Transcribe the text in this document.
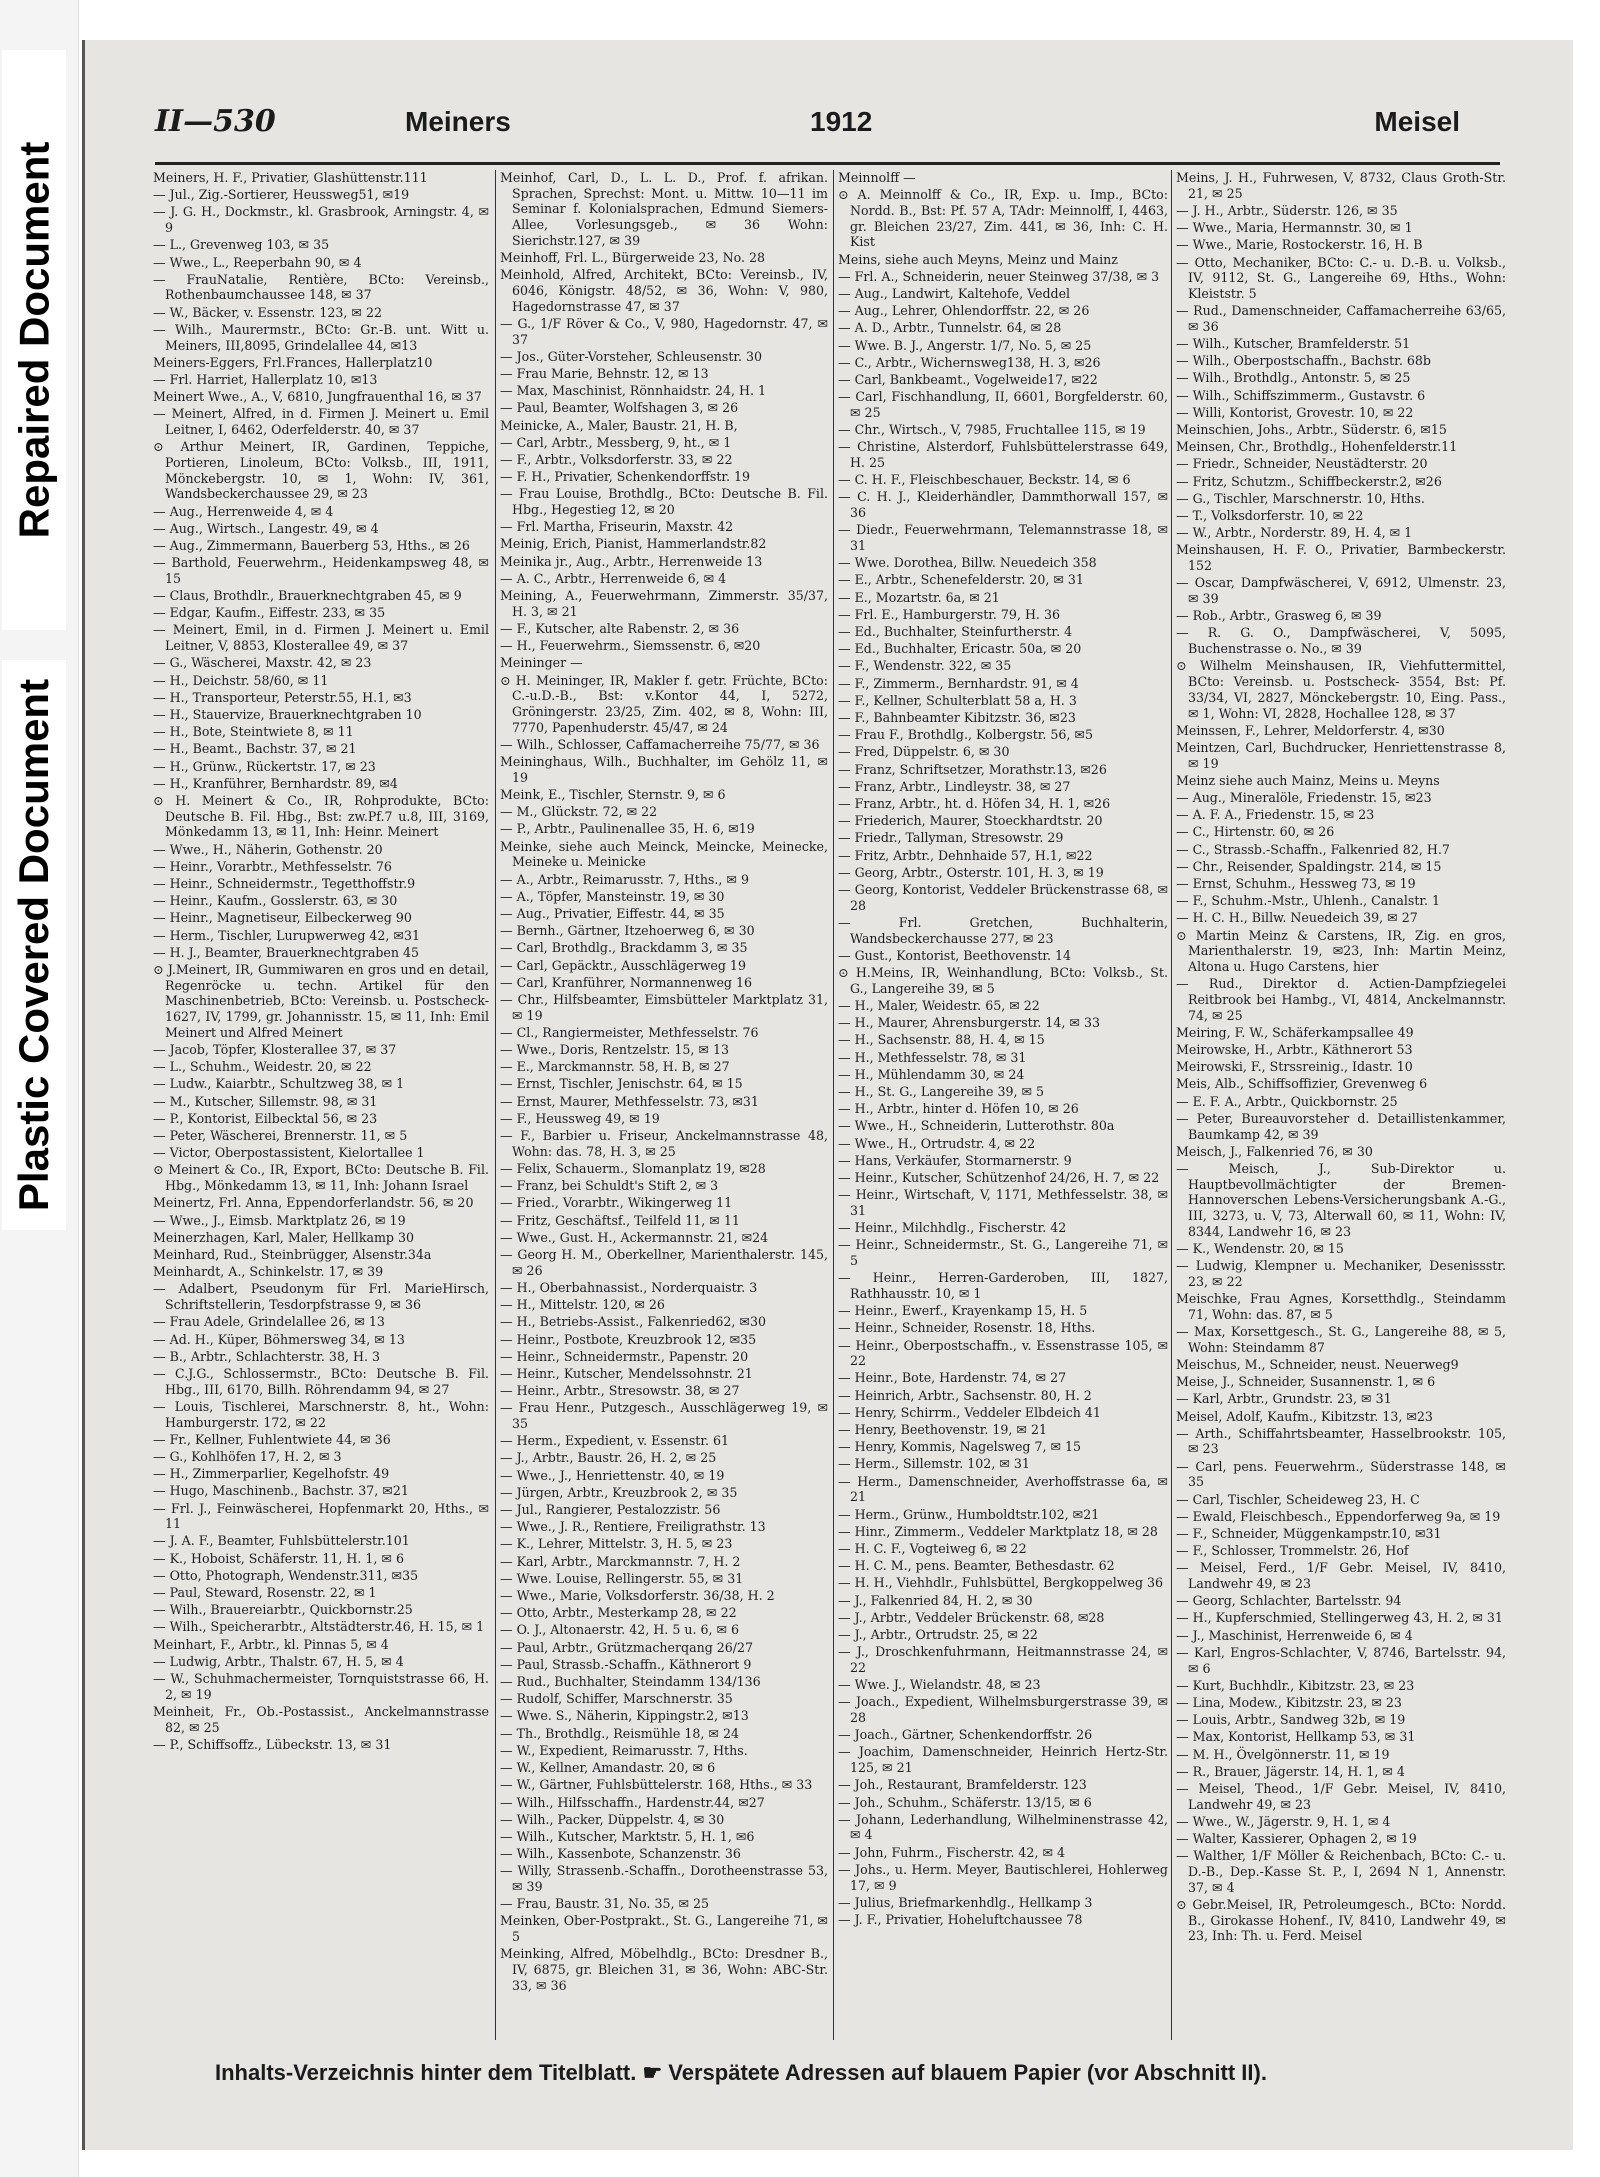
Repaired Document
Plastic Covered Document
II—530	Meiners	1912	Meisel

Meiners, H. F., Privatier, Glashüttenstr.111

— Jul., Zig.-Sortierer, Heussweg51, ✉19

— J. G. H., Dockmstr., kl. Grasbrook, Arningstr. 4, ✉ 9

— L., Grevenweg 103, ✉ 35

— Wwe., L., Reeperbahn 90, ✉ 4

— FrauNatalie, Rentière, BCto: Vereinsb., Rothenbaumchaussee 148, ✉ 37

— W., Bäcker, v. Essenstr. 123, ✉ 22

— Wilh., Maurermstr., BCto: Gr.-B. unt. Witt u. Meiners, III,8095, Grindelallee 44, ✉13

Meiners-Eggers, Frl.Frances, Hallerplatz10

— Frl. Harriet, Hallerplatz 10, ✉13

Meinert Wwe., A., V, 6810, Jungfrauenthal 16, ✉ 37

— Meinert, Alfred, in d. Firmen J. Meinert u. Emil Leitner, I, 6462, Oderfelderstr. 40, ✉ 37

⊙ Arthur Meinert, IR, Gardinen, Teppiche, Portieren, Linoleum, BCto: Volksb., III, 1911, Mönckebergstr. 10, ✉ 1, Wohn: IV, 361, Wandsbeckerchaussee 29, ✉ 23

— Aug., Herrenweide 4, ✉ 4

— Aug., Wirtsch., Langestr. 49, ✉ 4

— Aug., Zimmermann, Bauerberg 53, Hths., ✉ 26

— Barthold, Feuerwehrm., Heidenkampsweg 48, ✉ 15

— Claus, Brothdlr., Brauerknechtgraben 45, ✉ 9

— Edgar, Kaufm., Eiffestr. 233, ✉ 35

— Meinert, Emil, in d. Firmen J. Meinert u. Emil Leitner, V, 8853, Klosterallee 49, ✉ 37

— G., Wäscherei, Maxstr. 42, ✉ 23

— H., Deichstr. 58/60, ✉ 11

— H., Transporteur, Peterstr.55, H.1, ✉3

— H., Stauervize, Brauerknechtgraben 10

— H., Bote, Steintwiete 8, ✉ 11

— H., Beamt., Bachstr. 37, ✉ 21

— H., Grünw., Rückertstr. 17, ✉ 23

— H., Kranführer, Bernhardstr. 89, ✉4

⊙ H. Meinert & Co., IR, Rohprodukte, BCto: Deutsche B. Fil. Hbg., Bst: zw.Pf.7 u.8, III, 3169, Mönkedamm 13, ✉ 11, Inh: Heinr. Meinert

— Wwe., H., Näherin, Gothenstr. 20

— Heinr., Vorarbtr., Methfesselstr. 76

— Heinr., Schneidermstr., Tegetthoffstr.9

— Heinr., Kaufm., Gosslerstr. 63, ✉ 30

— Heinr., Magnetiseur, Eilbeckerweg 90

— Herm., Tischler, Lurupwerweg 42, ✉31

— H. J., Beamter, Brauerknechtgraben 45

⊙ J.Meinert, IR, Gummiwaren en gros und en detail, Regenröcke u. techn. Artikel für den Maschinenbetrieb, BCto: Vereinsb. u. Postscheck- 1627, IV, 1799, gr. Johannisstr. 15, ✉ 11, Inh: Emil Meinert und Alfred Meinert

— Jacob, Töpfer, Klosterallee 37, ✉ 37

— L., Schuhm., Weidestr. 20, ✉ 22

— Ludw., Kaiarbtr., Schultzweg 38, ✉ 1

— M., Kutscher, Sillemstr. 98, ✉ 31

— P., Kontorist, Eilbecktal 56, ✉ 23

— Peter, Wäscherei, Brennerstr. 11, ✉ 5

— Victor, Oberpostassistent, Kielortallee 1

⊙ Meinert & Co., IR, Export, BCto: Deutsche B. Fil. Hbg., Mönkedamm 13, ✉ 11, Inh: Johann Israel

Meinertz, Frl. Anna, Eppendorferlandstr. 56, ✉ 20

— Wwe., J., Eimsb. Marktplatz 26, ✉ 19

Meinerzhagen, Karl, Maler, Hellkamp 30

Meinhard, Rud., Steinbrügger, Alsenstr.34a

Meinhardt, A., Schinkelstr. 17, ✉ 39

— Adalbert, Pseudonym für Frl. MarieHirsch, Schriftstellerin, Tesdorpfstrasse 9, ✉ 36

— Frau Adele, Grindelallee 26, ✉ 13

— Ad. H., Küper, Böhmersweg 34, ✉ 13

— B., Arbtr., Schlachterstr. 38, H. 3

— C.J.G., Schlossermstr., BCto: Deutsche B. Fil. Hbg., III, 6170, Billh. Röhrendamm 94, ✉ 27

— Louis, Tischlerei, Marschnerstr. 8, ht., Wohn: Hamburgerstr. 172, ✉ 22

— Fr., Kellner, Fuhlentwiete 44, ✉ 36

— G., Kohlhöfen 17, H. 2, ✉ 3

— H., Zimmerparlier, Kegelhofstr. 49

— Hugo, Maschinenb., Bachstr. 37, ✉21

— Frl. J., Feinwäscherei, Hopfenmarkt 20, Hths., ✉ 11

— J. A. F., Beamter, Fuhlsbüttelerstr.101

— K., Hoboist, Schäferstr. 11, H. 1, ✉ 6

— Otto, Photograph, Wendenstr.311, ✉35

— Paul, Steward, Rosenstr. 22, ✉ 1

— Wilh., Brauereiarbtr., Quickbornstr.25

— Wilh., Speicherarbtr., Altstädterstr.46, H. 15, ✉ 1

Meinhart, F., Arbtr., kl. Pinnas 5, ✉ 4

— Ludwig, Arbtr., Thalstr. 67, H. 5, ✉ 4

— W., Schuhmachermeister, Tornquiststrasse 66, H. 2, ✉ 19

Meinheit, Fr., Ob.-Postassist., Anckelmannstrasse 82, ✉ 25

— P., Schiffsoffz., Lübeckstr. 13, ✉ 31

Meinhof, Carl, D., L. L. D., Prof. f. afrikan. Sprachen, Sprechst: Mont. u. Mittw. 10—11 im Seminar f. Kolonialsprachen, Edmund Siemers-Allee, Vorlesungsgeb., ✉ 36 Wohn: Sierichstr.127, ✉ 39

Meinhoff, Frl. L., Bürgerweide 23, No. 28

Meinhold, Alfred, Architekt, BCto: Vereinsb., IV, 6046, Königstr. 48/52, ✉ 36, Wohn: V, 980, Hagedornstrasse 47, ✉ 37

— G., 1/F Röver & Co., V, 980, Hagedornstr. 47, ✉ 37

— Jos., Güter-Vorsteher, Schleusenstr. 30

— Frau Marie, Behnstr. 12, ✉ 13

— Max, Maschinist, Rönnhaidstr. 24, H. 1

— Paul, Beamter, Wolfshagen 3, ✉ 26

Meinicke, A., Maler, Baustr. 21, H. B,

— Carl, Arbtr., Messberg, 9, ht., ✉ 1

— F., Arbtr., Volksdorferstr. 33, ✉ 22

— F. H., Privatier, Schenkendorffstr. 19

— Frau Louise, Brothdlg., BCto: Deutsche B. Fil. Hbg., Hegestieg 12, ✉ 20

— Frl. Martha, Friseurin, Maxstr. 42

Meinig, Erich, Pianist, Hammerlandstr.82

Meinika jr., Aug., Arbtr., Herrenweide 13

— A. C., Arbtr., Herrenweide 6, ✉ 4

Meining, A., Feuerwehrmann, Zimmerstr. 35/37, H. 3, ✉ 21

— F., Kutscher, alte Rabenstr. 2, ✉ 36

— H., Feuerwehrm., Siemssenstr. 6, ✉20

Meininger —

⊙ H. Meininger, IR, Makler f. getr. Früchte, BCto: C.-u.D.-B., Bst: v.Kontor 44, I, 5272, Gröningerstr. 23/25, Zim. 402, ✉ 8, Wohn: III, 7770, Papenhuderstr. 45/47, ✉ 24

— Wilh., Schlosser, Caffamacherreihe 75/77, ✉ 36

Meininghaus, Wilh., Buchhalter, im Gehölz 11, ✉ 19

Meink, E., Tischler, Sternstr. 9, ✉ 6

— M., Glückstr. 72, ✉ 22

— P., Arbtr., Paulinenallee 35, H. 6, ✉19

Meinke, siehe auch Meinck, Meincke, Meinecke, Meineke u. Meinicke

— A., Arbtr., Reimarusstr. 7, Hths., ✉ 9

— A., Töpfer, Mansteinstr. 19, ✉ 30

— Aug., Privatier, Eiffestr. 44, ✉ 35

— Bernh., Gärtner, Itzehoerweg 6, ✉ 30

— Carl, Brothdlg., Brackdamm 3, ✉ 35

— Carl, Gepäcktr., Ausschlägerweg 19

— Carl, Kranführer, Normannenweg 16

— Chr., Hilfsbeamter, Eimsbütteler Marktplatz 31, ✉ 19

— Cl., Rangiermeister, Methfesselstr. 76

— Wwe., Doris, Rentzelstr. 15, ✉ 13

— E., Marckmannstr. 58, H. B, ✉ 27

— Ernst, Tischler, Jenischstr. 64, ✉ 15

— Ernst, Maurer, Methfesselstr. 73, ✉31

— F., Heussweg 49, ✉ 19

— F., Barbier u. Friseur, Anckelmannstrasse 48, Wohn: das. 78, H. 3, ✉ 25

— Felix, Schauerm., Slomanplatz 19, ✉28

— Franz, bei Schuldt's Stift 2, ✉ 3

— Fried., Vorarbtr., Wikingerweg 11

— Fritz, Geschäftsf., Teilfeld 11, ✉ 11

— Wwe., Gust. H., Ackermannstr. 21, ✉24

— Georg H. M., Oberkellner, Marienthalerstr. 145, ✉ 26

— H., Oberbahnassist., Norderquaistr. 3

— H., Mittelstr. 120, ✉ 26

— H., Betriebs-Assist., Falkenried62, ✉30

— Heinr., Postbote, Kreuzbrook 12, ✉35

— Heinr., Schneidermstr., Papenstr. 20

— Heinr., Kutscher, Mendelssohnstr. 21

— Heinr., Arbtr., Stresowstr. 38, ✉ 27

— Frau Henr., Putzgesch., Ausschlägerweg 19, ✉ 35

— Herm., Expedient, v. Essenstr. 61

— J., Arbtr., Baustr. 26, H. 2, ✉ 25

— Wwe., J., Henriettenstr. 40, ✉ 19

— Jürgen, Arbtr., Kreuzbrook 2, ✉ 35

— Jul., Rangierer, Pestalozzistr. 56

— Wwe., J. R., Rentiere, Freiligrathstr. 13

— K., Lehrer, Mittelstr. 3, H. 5, ✉ 23

— Karl, Arbtr., Marckmannstr. 7, H. 2

— Wwe. Louise, Rellingerstr. 55, ✉ 31

— Wwe., Marie, Volksdorferstr. 36/38, H. 2

— Otto, Arbtr., Mesterkamp 28, ✉ 22

— O. J., Altonaerstr. 42, H. 5 u. 6, ✉ 6

— Paul, Arbtr., Grützmacherqang 26/27

— Paul, Strassb.-Schaffn., Käthnerort 9

— Rud., Buchhalter, Steindamm 134/136

— Rudolf, Schiffer, Marschnerstr. 35

— Wwe. S., Näherin, Kippingstr.2, ✉13

— Th., Brothdlg., Reismühle 18, ✉ 24

— W., Expedient, Reimarusstr. 7, Hths.

— W., Kellner, Amandastr. 20, ✉ 6

— W., Gärtner, Fuhlsbüttelerstr. 168, Hths., ✉ 33

— Wilh., Hilfsschaffn., Hardenstr.44, ✉27

— Wilh., Packer, Düppelstr. 4, ✉ 30

— Wilh., Kutscher, Marktstr. 5, H. 1, ✉6

— Wilh., Kassenbote, Schanzenstr. 36

— Willy, Strassenb.-Schaffn., Dorotheenstrasse 53, ✉ 39

— Frau, Baustr. 31, No. 35, ✉ 25

Meinken, Ober-Postprakt., St. G., Langereihe 71, ✉ 5

Meinking, Alfred, Möbelhdlg., BCto: Dresdner B., IV, 6875, gr. Bleichen 31, ✉ 36, Wohn: ABC-Str. 33, ✉ 36

Meinnolff —

⊙ A. Meinnolff & Co., IR, Exp. u. Imp., BCto: Nordd. B., Bst: Pf. 57 A, TAdr: Meinnolff, I, 4463, gr. Bleichen 23/27, Zim. 441, ✉ 36, Inh: C. H. Kist

Meins, siehe auch Meyns, Meinz und Mainz

— Frl. A., Schneiderin, neuer Steinweg 37/38, ✉ 3

— Aug., Landwirt, Kaltehofe, Veddel

— Aug., Lehrer, Ohlendorffstr. 22, ✉ 26

— A. D., Arbtr., Tunnelstr. 64, ✉ 28

— Wwe. B. J., Angerstr. 1/7, No. 5, ✉ 25

— C., Arbtr., Wichernsweg138, H. 3, ✉26

— Carl, Bankbeamt., Vogelweide17, ✉22

— Carl, Fischhandlung, II, 6601, Borgfelderstr. 60, ✉ 25

— Chr., Wirtsch., V, 7985, Fruchtallee 115, ✉ 19

— Christine, Alsterdorf, Fuhlsbüttelerstrasse 649, H. 25

— C. H. F., Fleischbeschauer, Beckstr. 14, ✉ 6

— C. H. J., Kleiderhändler, Dammthorwall 157, ✉ 36

— Diedr., Feuerwehrmann, Telemannstrasse 18, ✉ 31

— Wwe. Dorothea, Billw. Neuedeich 358

— E., Arbtr., Schenefelderstr. 20, ✉ 31

— E., Mozartstr. 6a, ✉ 21

— Frl. E., Hamburgerstr. 79, H. 36

— Ed., Buchhalter, Steinfurtherstr. 4

— Ed., Buchhalter, Ericastr. 50a, ✉ 20

— F., Wendenstr. 322, ✉ 35

— F., Zimmerm., Bernhardstr. 91, ✉ 4

— F., Kellner, Schulterblatt 58 a, H. 3

— F., Bahnbeamter Kibitzstr. 36, ✉23

— Frau F., Brothdlg., Kolbergstr. 56, ✉5

— Fred, Düppelstr. 6, ✉ 30

— Franz, Schriftsetzer, Morathstr.13, ✉26

— Franz, Arbtr., Lindleystr. 38, ✉ 27

— Franz, Arbtr., ht. d. Höfen 34, H. 1, ✉26

— Friederich, Maurer, Stoeckhardtstr. 20

— Friedr., Tallyman, Stresowstr. 29

— Fritz, Arbtr., Dehnhaide 57, H.1, ✉22

— Georg, Arbtr., Osterstr. 101, H. 3, ✉ 19

— Georg, Kontorist, Veddeler Brückenstrasse 68, ✉ 28

— Frl. Gretchen, Buchhalterin, Wandsbeckerchausse 277, ✉ 23

— Gust., Kontorist, Beethovenstr. 14

⊙ H.Meins, IR, Weinhandlung, BCto: Volksb., St. G., Langereihe 39, ✉ 5

— H., Maler, Weidestr. 65, ✉ 22

— H., Maurer, Ahrensburgerstr. 14, ✉ 33

— H., Sachsenstr. 88, H. 4, ✉ 15

— H., Methfesselstr. 78, ✉ 31

— H., Mühlendamm 30, ✉ 24

— H., St. G., Langereihe 39, ✉ 5

— H., Arbtr., hinter d. Höfen 10, ✉ 26

— Wwe., H., Schneiderin, Lutterothstr. 80a

— Wwe., H., Ortrudstr. 4, ✉ 22

— Hans, Verkäufer, Stormarnerstr. 9

— Heinr., Kutscher, Schützenhof 24/26, H. 7, ✉ 22

— Heinr., Wirtschaft, V, 1171, Methfesselstr. 38, ✉ 31

— Heinr., Milchhdlg., Fischerstr. 42

— Heinr., Schneidermstr., St. G., Langereihe 71, ✉ 5

— Heinr., Herren-Garderoben, III, 1827, Rathhausstr. 10, ✉ 1

— Heinr., Ewerf., Krayenkamp 15, H. 5

— Heinr., Schneider, Rosenstr. 18, Hths.

— Heinr., Oberpostschaffn., v. Essenstrasse 105, ✉ 22

— Heinr., Bote, Hardenstr. 74, ✉ 27

— Heinrich, Arbtr., Sachsenstr. 80, H. 2

— Henry, Schirrm., Veddeler Elbdeich 41

— Henry, Beethovenstr. 19, ✉ 21

— Henry, Kommis, Nagelsweg 7, ✉ 15

— Herm., Sillemstr. 102, ✉ 31

— Herm., Damenschneider, Averhoffstrasse 6a, ✉ 21

— Herm., Grünw., Humboldtstr.102, ✉21

— Hinr., Zimmerm., Veddeler Marktplatz 18, ✉ 28

— H. C. F., Vogteiweg 6, ✉ 22

— H. C. M., pens. Beamter, Bethesdastr. 62

— H. H., Viehhdlr., Fuhlsbüttel, Bergkoppelweg 36

— J., Falkenried 84, H. 2, ✉ 30

— J., Arbtr., Veddeler Brückenstr. 68, ✉28

— J., Arbtr., Ortrudstr. 25, ✉ 22

— J., Droschkenfuhrmann, Heitmannstrasse 24, ✉ 22

— Wwe. J., Wielandstr. 48, ✉ 23

— Joach., Expedient, Wilhelmsburgerstrasse 39, ✉ 28

— Joach., Gärtner, Schenkendorffstr. 26

— Joachim, Damenschneider, Heinrich Hertz-Str. 125, ✉ 21

— Joh., Restaurant, Bramfelderstr. 123

— Joh., Schuhm., Schäferstr. 13/15, ✉ 6

— Johann, Lederhandlung, Wilhelminenstrasse 42, ✉ 4

— John, Fuhrm., Fischerstr. 42, ✉ 4

— Johs., u. Herm. Meyer, Bautischlerei, Hohlerweg 17, ✉ 9

— Julius, Briefmarkenhdlg., Hellkamp 3

— J. F., Privatier, Hoheluftchaussee 78

Meins, J. H., Fuhrwesen, V, 8732, Claus Groth-Str. 21, ✉ 25

— J. H., Arbtr., Süderstr. 126, ✉ 35

— Wwe., Maria, Hermannstr. 30, ✉ 1

— Wwe., Marie, Rostockerstr. 16, H. B

— Otto, Mechaniker, BCto: C.- u. D.-B. u. Volksb., IV, 9112, St. G., Langereihe 69, Hths., Wohn: Kleiststr. 5

— Rud., Damenschneider, Caffamacherreihe 63/65, ✉ 36

— Wilh., Kutscher, Bramfelderstr. 51

— Wilh., Oberpostschaffn., Bachstr. 68b

— Wilh., Brothdlg., Antonstr. 5, ✉ 25

— Wilh., Schiffszimmerm., Gustavstr. 6

— Willi, Kontorist, Grovestr. 10, ✉ 22

Meinschien, Johs., Arbtr., Süderstr. 6, ✉15

Meinsen, Chr., Brothdlg., Hohenfelderstr.11

— Friedr., Schneider, Neustädterstr. 20

— Fritz, Schutzm., Schiffbeckerstr.2, ✉26

— G., Tischler, Marschnerstr. 10, Hths.

— T., Volksdorferstr. 10, ✉ 22

— W., Arbtr., Norderstr. 89, H. 4, ✉ 1

Meinshausen, H. F. O., Privatier, Barmbeckerstr. 152

— Oscar, Dampfwäscherei, V, 6912, Ulmenstr. 23, ✉ 39

— Rob., Arbtr., Grasweg 6, ✉ 39

— R. G. O., Dampfwäscherei, V, 5095, Buchenstrasse o. No., ✉ 39

⊙ Wilhelm Meinshausen, IR, Viehfuttermittel, BCto: Vereinsb. u. Postscheck- 3554, Bst: Pf. 33/34, VI, 2827, Mönckebergstr. 10, Eing. Pass., ✉ 1, Wohn: VI, 2828, Hochallee 128, ✉ 37

Meinssen, F., Lehrer, Meldorferstr. 4, ✉30

Meintzen, Carl, Buchdrucker, Henriettenstrasse 8, ✉ 19

Meinz siehe auch Mainz, Meins u. Meyns

— Aug., Mineralöle, Friedenstr. 15, ✉23

— A. F. A., Friedenstr. 15, ✉ 23

— C., Hirtenstr. 60, ✉ 26

— C., Strassb.-Schaffn., Falkenried 82, H.7

— Chr., Reisender, Spaldingstr. 214, ✉ 15

— Ernst, Schuhm., Hessweg 73, ✉ 19

— F., Schuhm.-Mstr., Uhlenh., Canalstr. 1

— H. C. H., Billw. Neuedeich 39, ✉ 27

⊙ Martin Meinz & Carstens, IR, Zig. en gros, Marienthalerstr. 19, ✉23, Inh: Martin Meinz, Altona u. Hugo Carstens, hier

— Rud., Direktor d. Actien-Dampfziegelei Reitbrook bei Hambg., VI, 4814, Anckelmannstr. 74, ✉ 25

Meiring, F. W., Schäferkampsallee 49

Meirowske, H., Arbtr., Käthnerort 53

Meirowski, F., Strssreinig., Idastr. 10

Meis, Alb., Schiffsoffizier, Grevenweg 6

— E. F. A., Arbtr., Quickbornstr. 25

— Peter, Bureauvorsteher d. Detaillistenkammer, Baumkamp 42, ✉ 39

Meisch, J., Falkenried 76, ✉ 30

— Meisch, J., Sub-Direktor u. Hauptbevollmächtigter der Bremen-Hannoverschen Lebens-Versicherungsbank A.-G., III, 3273, u. V, 73, Alterwall 60, ✉ 11, Wohn: IV, 8344, Landwehr 16, ✉ 23

— K., Wendenstr. 20, ✉ 15

— Ludwig, Klempner u. Mechaniker, Desenissstr. 23, ✉ 22

Meischke, Frau Agnes, Korsetthdlg., Steindamm 71, Wohn: das. 87, ✉ 5

— Max, Korsettgesch., St. G., Langereihe 88, ✉ 5, Wohn: Steindamm 87

Meischus, M., Schneider, neust. Neuerweg9

Meise, J., Schneider, Susannenstr. 1, ✉ 6

— Karl, Arbtr., Grundstr. 23, ✉ 31

Meisel, Adolf, Kaufm., Kibitzstr. 13, ✉23

— Arth., Schiffahrtsbeamter, Hasselbrookstr. 105, ✉ 23

— Carl, pens. Feuerwehrm., Süderstrasse 148, ✉ 35

— Carl, Tischler, Scheideweg 23, H. C

— Ewald, Fleischbesch., Eppendorferweg 9a, ✉ 19

— F., Schneider, Müggenkampstr.10, ✉31

— F., Schlosser, Trommelstr. 26, Hof

— Meisel, Ferd., 1/F Gebr. Meisel, IV, 8410, Landwehr 49, ✉ 23

— Georg, Schlachter, Bartelsstr. 94

— H., Kupferschmied, Stellingerweg 43, H. 2, ✉ 31

— J., Maschinist, Herrenweide 6, ✉ 4

— Karl, Engros-Schlachter, V, 8746, Bartelsstr. 94, ✉ 6

— Kurt, Buchhdlr., Kibitzstr. 23, ✉ 23

— Lina, Modew., Kibitzstr. 23, ✉ 23

— Louis, Arbtr., Sandweg 32b, ✉ 19

— Max, Kontorist, Hellkamp 53, ✉ 31

— M. H., Övelgönnerstr. 11, ✉ 19

— R., Brauer, Jägerstr. 14, H. 1, ✉ 4

— Meisel, Theod., 1/F Gebr. Meisel, IV, 8410, Landwehr 49, ✉ 23

— Wwe., W., Jägerstr. 9, H. 1, ✉ 4

— Walter, Kassierer, Ophagen 2, ✉ 19

— Walther, 1/F Möller & Reichenbach, BCto: C.- u. D.-B., Dep.-Kasse St. P., I, 2694 N 1, Annenstr. 37, ✉ 4

⊙ Gebr.Meisel, IR, Petroleumgesch., BCto: Nordd. B., Girokasse Hohenf., IV, 8410, Landwehr 49, ✉ 23, Inh: Th. u. Ferd. Meisel

Inhalts-Verzeichnis hinter dem Titelblatt. ☛ Verspätete Adressen auf blauem Papier (vor Abschnitt II).
